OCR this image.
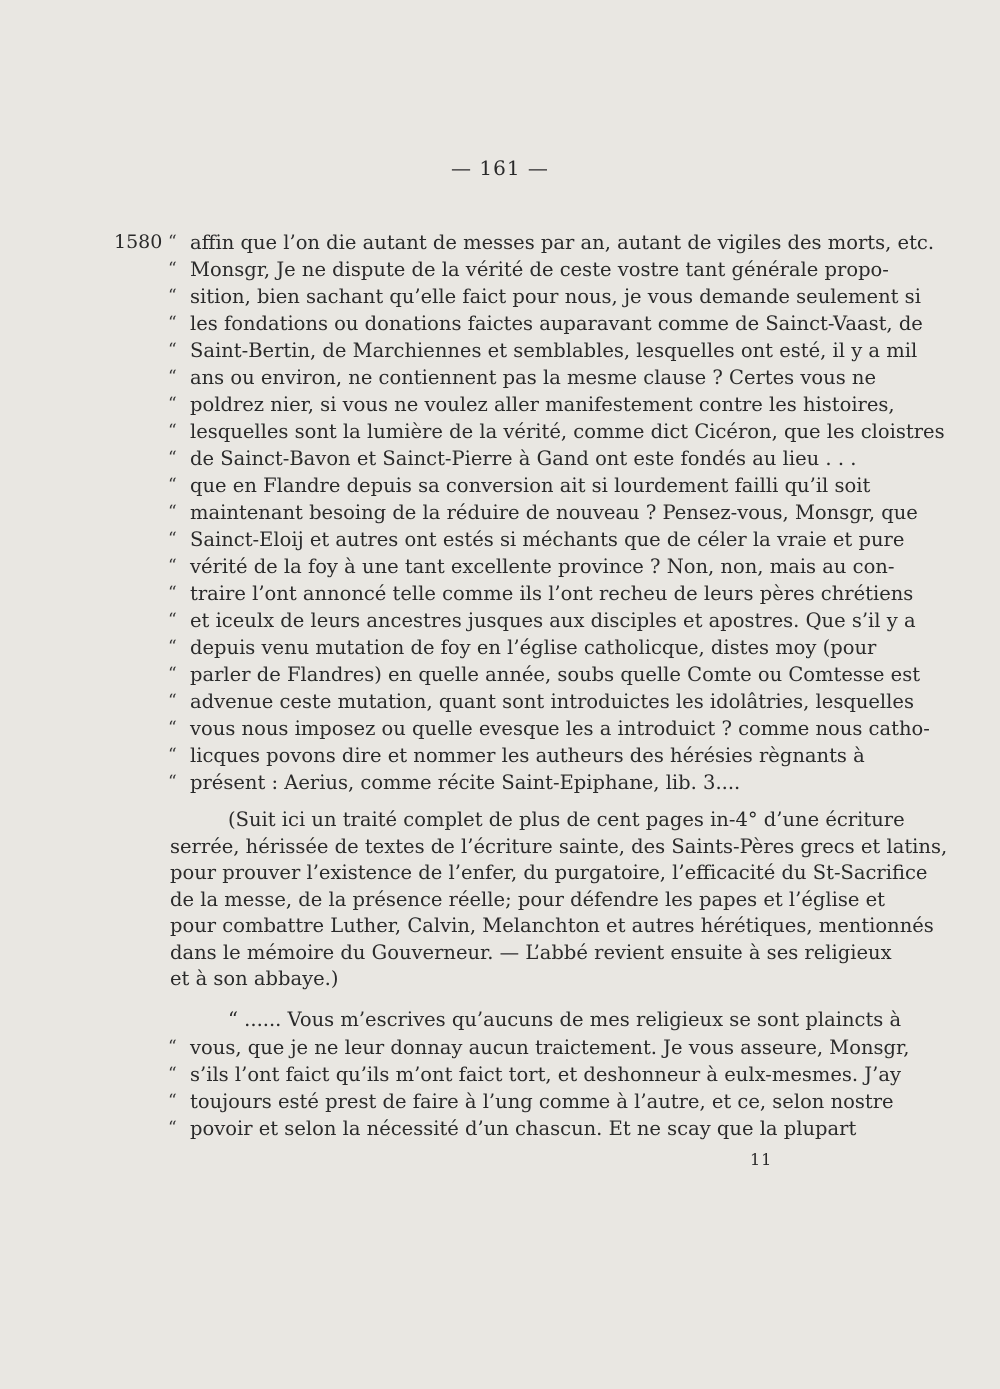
— 161 —
1580 “ affin que l’on die autant de messes par an, autant de vigiles des morts, etc.
“ Monsgr, Je ne dispute de la vérité de ceste vostre tant générale propo-
“ sition, bien sachant qu’elle faict pour nous, je vous demande seulement si
“ les fondations ou donations faictes auparavant comme de Sainct-Vaast, de
“ Saint-Bertin, de Marchiennes et semblables, lesquelles ont esté, il y a mil
“ ans ou environ, ne contiennent pas la mesme clause ? Certes vous ne
“ poldrez nier, si vous ne voulez aller manifestement contre les histoires,
“ lesquelles sont la lumière de la vérité, comme dict Cicéron, que les cloistres
“ de Sainct-Bavon et Sainct-Pierre à Gand ont este fondés au lieu . . .
“ que en Flandre depuis sa conversion ait si lourdement failli qu’il soit
“ maintenant besoing de la réduire de nouveau ? Pensez-vous, Monsgr, que
“ Sainct-Eloij et autres ont estés si méchants que de céler la vraie et pure
“ vérité de la foy à une tant excellente province ? Non, non, mais au con-
“ traire l’ont annoncé telle comme ils l’ont recheu de leurs pères chrétiens
“ et iceulx de leurs ancestres jusques aux disciples et apostres. Que s’il y a
“ depuis venu mutation de foy en l’église catholicque, distes moy (pour
“ parler de Flandres) en quelle année, soubs quelle Comte ou Comtesse est
“ advenue ceste mutation, quant sont introduictes les idolâtries, lesquelles
“ vous nous imposez ou quelle evesque les a introduict ? comme nous catho-
“ licques povons dire et nommer les autheurs des hérésies règnants à
“ présent : Aerius, comme récite Saint-Epiphane, lib. 3....
(Suit ici un traité complet de plus de cent pages in-4° d’une écriture
serrée, hérissée de textes de l’écriture sainte, des Saints-Pères grecs et latins,
pour prouver l’existence de l’enfer, du purgatoire, l’efficacité du St-Sacrifice
de la messe, de la présence réelle; pour défendre les papes et l’église et
pour combattre Luther, Calvin, Melanchton et autres hérétiques, mentionnés
dans le mémoire du Gouverneur. — L’abbé revient ensuite à ses religieux
et à son abbaye.)
“ ...... Vous m’escrives qu’aucuns de mes religieux se sont plaincts à
“ vous, que je ne leur donnay aucun traictement. Je vous asseure, Monsgr,
“ s’ils l’ont faict qu’ils m’ont faict tort, et deshonneur à eulx-mesmes. J’ay
“ toujours esté prest de faire à l’ung comme à l’autre, et ce, selon nostre
“ povoir et selon la nécessité d’un chascun. Et ne scay que la plupart
11
